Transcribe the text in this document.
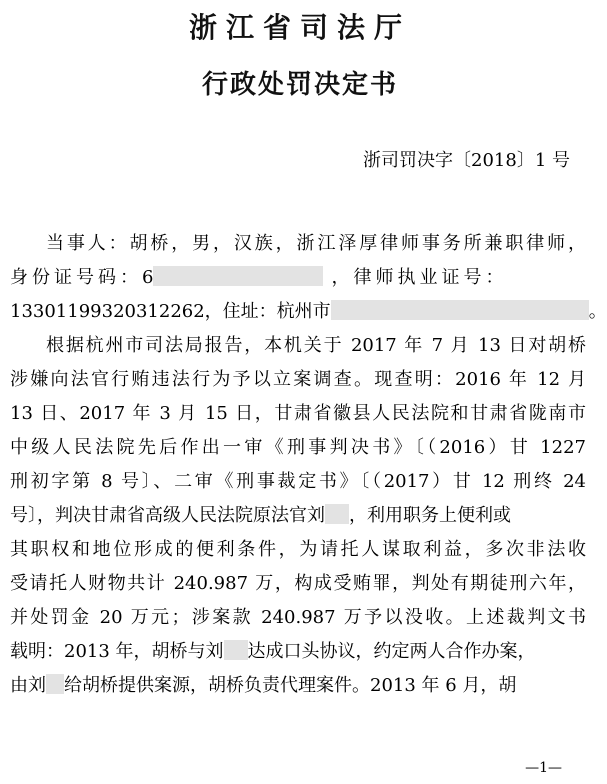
浙江省司法厅
行政处罚决定书
浙司罚决字〔2018〕1 号
当事人：胡桥，男，汉族，浙江泽厚律师事务所兼职律师，
身份证号码：6	，律师执业证号：
13301199320312262，住址：杭州市	。
根据杭州市司法局报告，本机关于 2017 年 7 月 13 日对胡桥
涉嫌向法官行贿违法行为予以立案调查。现查明：2016 年 12 月
13 日、2017 年 3 月 15 日，甘肃省徽县人民法院和甘肃省陇南市
中级人民法院先后作出一审《刑事判决书》〔（2016）甘 1227
刑初字第 8 号〕、二审《刑事裁定书》〔（2017）甘 12 刑终 24
号〕，判决甘肃省高级人民法院原法官刘 ，利用职务上便利或
其职权和地位形成的便利条件，为请托人谋取利益，多次非法收
受请托人财物共计 240.987 万，构成受贿罪，判处有期徒刑六年，
并处罚金 20 万元；涉案款 240.987 万予以没收。上述裁判文书
载明：2013 年，胡桥与刘 达成口头协议，约定两人合作办案，
由刘 给胡桥提供案源，胡桥负责代理案件。2013 年 6 月，胡
—1—
